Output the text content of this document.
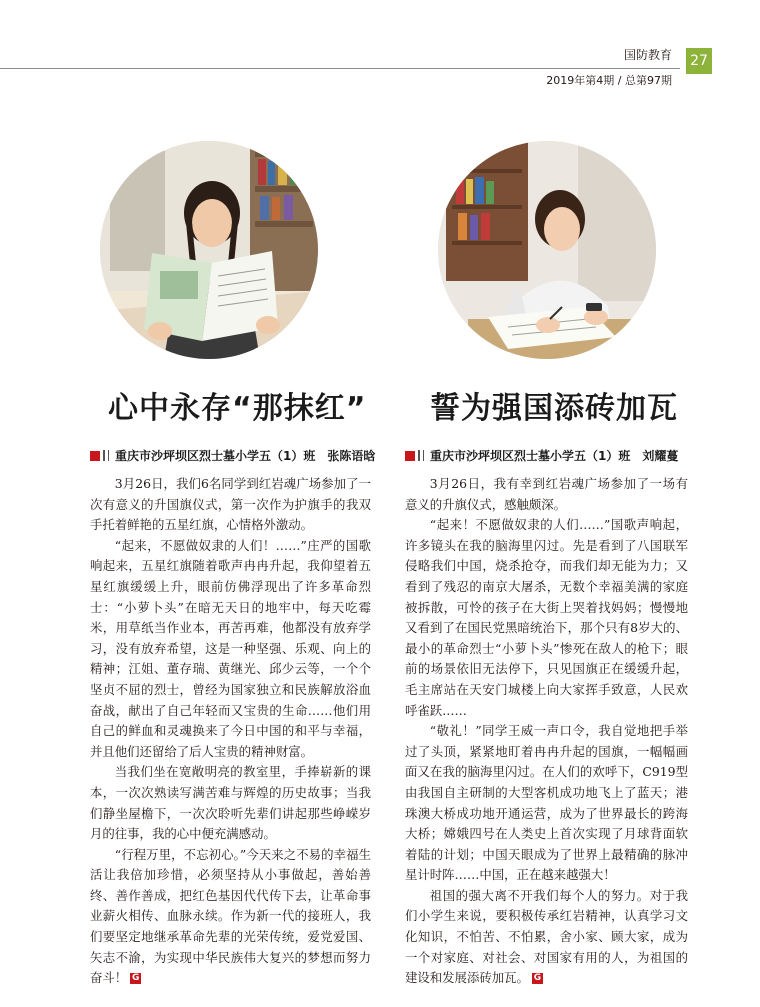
国防教育
2019年第4期 / 总第97期
27
心中永存“那抹红” 誓为强国添砖加瓦
重庆市沙坪坝区烈士墓小学五（1）班　张陈语晗	重庆市沙坪坝区烈士墓小学五（1）班　刘耀蔓

3月26日，我们6名同学到红岩魂广场参加了一次有意义的升国旗仪式，第一次作为护旗手的我双手托着鲜艳的五星红旗，心情格外激动。

“起来，不愿做奴隶的人们！……”庄严的国歌响起来，五星红旗随着歌声冉冉升起，我仰望着五星红旗缓缓上升，眼前仿佛浮现出了许多革命烈士：“小萝卜头”在暗无天日的地牢中，每天吃霉米，用草纸当作业本，再苦再难，他都没有放弃学习，没有放弃希望，这是一种坚强、乐观、向上的精神；江姐、董存瑞、黄继光、邱少云等，一个个坚贞不屈的烈士，曾经为国家独立和民族解放浴血奋战，献出了自己年轻而又宝贵的生命……他们用自己的鲜血和灵魂换来了今日中国的和平与幸福，并且他们还留给了后人宝贵的精神财富。

当我们坐在宽敞明亮的教室里，手捧崭新的课本，一次次熟读写满苦难与辉煌的历史故事；当我们静坐屋檐下，一次次聆听先辈们讲起那些峥嵘岁月的往事，我的心中便充满感动。

“行程万里，不忘初心。”今天来之不易的幸福生活让我倍加珍惜，必须坚持从小事做起，善始善终、善作善成，把红色基因代代传下去，让革命事业薪火相传、血脉永续。作为新一代的接班人，我们要坚定地继承革命先辈的光荣传统，爱党爱国、矢志不渝，为实现中华民族伟大复兴的梦想而努力奋斗！ G

3月26日，我有幸到红岩魂广场参加了一场有意义的升旗仪式，感触颇深。

“起来！不愿做奴隶的人们……”国歌声响起，许多镜头在我的脑海里闪过。先是看到了八国联军侵略我们中国，烧杀抢夺，而我们却无能为力；又看到了残忍的南京大屠杀，无数个幸福美满的家庭被拆散，可怜的孩子在大街上哭着找妈妈；慢慢地又看到了在国民党黑暗统治下，那个只有8岁大的、最小的革命烈士“小萝卜头”惨死在敌人的枪下；眼前的场景依旧无法停下，只见国旗正在缓缓升起，毛主席站在天安门城楼上向大家挥手致意，人民欢呼雀跃……

“敬礼！”同学王威一声口令，我自觉地把手举过了头顶，紧紧地盯着冉冉升起的国旗，一幅幅画面又在我的脑海里闪过。在人们的欢呼下，C919型由我国自主研制的大型客机成功地飞上了蓝天；港珠澳大桥成功地开通运营，成为了世界最长的跨海大桥；嫦娥四号在人类史上首次实现了月球背面软着陆的计划；中国天眼成为了世界上最精确的脉冲星计时阵……中国，正在越来越强大！

祖国的强大离不开我们每个人的努力。对于我们小学生来说，要积极传承红岩精神，认真学习文化知识，不怕苦、不怕累，舍小家、顾大家，成为一个对家庭、对社会、对国家有用的人，为祖国的建设和发展添砖加瓦。 G
